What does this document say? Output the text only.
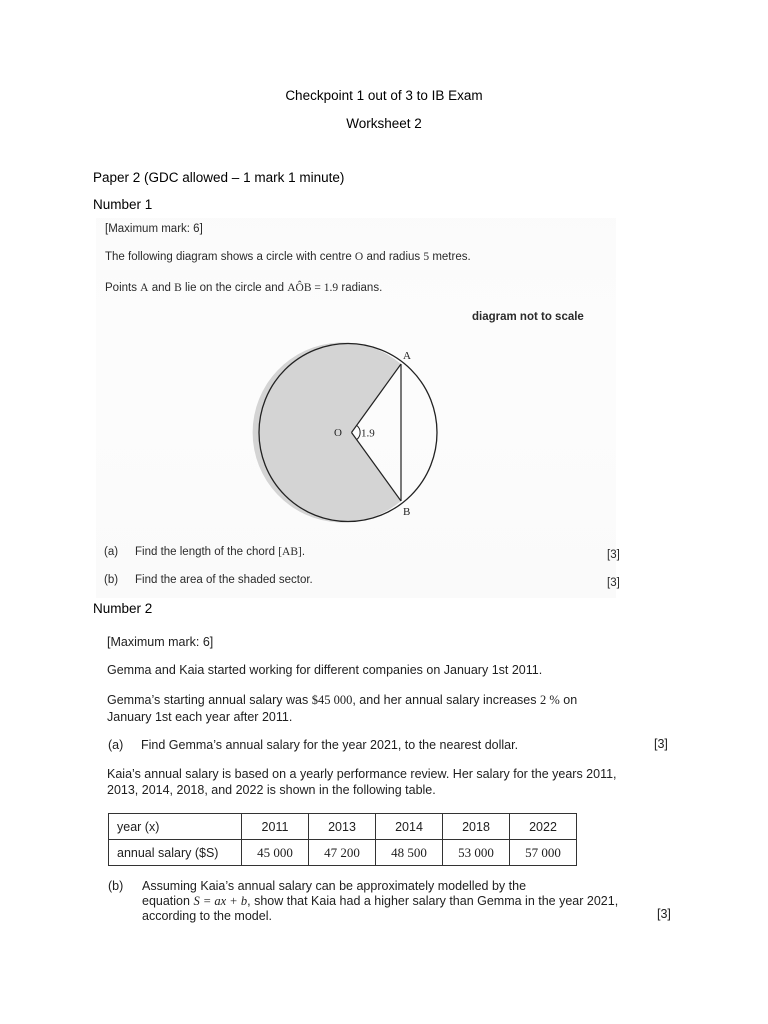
Checkpoint 1 out of 3 to IB Exam
Worksheet 2
Paper 2 (GDC allowed – 1 mark 1 minute)
Number 1
[Maximum mark: 6]
The following diagram shows a circle with centre O and radius 5 metres.
Points A and B lie on the circle and AÔB = 1.9 radians.
diagram not to scale
A
B
O 1.9
(a) Find the length of the chord [AB].	[3]
(b) Find the area of the shaded sector.	[3]
Number 2
[Maximum mark: 6]
Gemma and Kaia started working for different companies on January 1st 2011.
Gemma’s starting annual salary was $45 000, and her annual salary increases 2 % on
January 1st each year after 2011.
(a) Find Gemma’s annual salary for the year 2021, to the nearest dollar.	[3]
Kaia’s annual salary is based on a yearly performance review. Her salary for the years 2011,
2013, 2014, 2018, and 2022 is shown in the following table.
year (x)	2011	2013	2014	2018	2022
annual salary ($S)	45 000	47 200	48 500	53 000	57 000
(b) Assuming Kaia’s annual salary can be approximately modelled by the
equation S = ax + b, show that Kaia had a higher salary than Gemma in the year 2021,
according to the model.	[3]
